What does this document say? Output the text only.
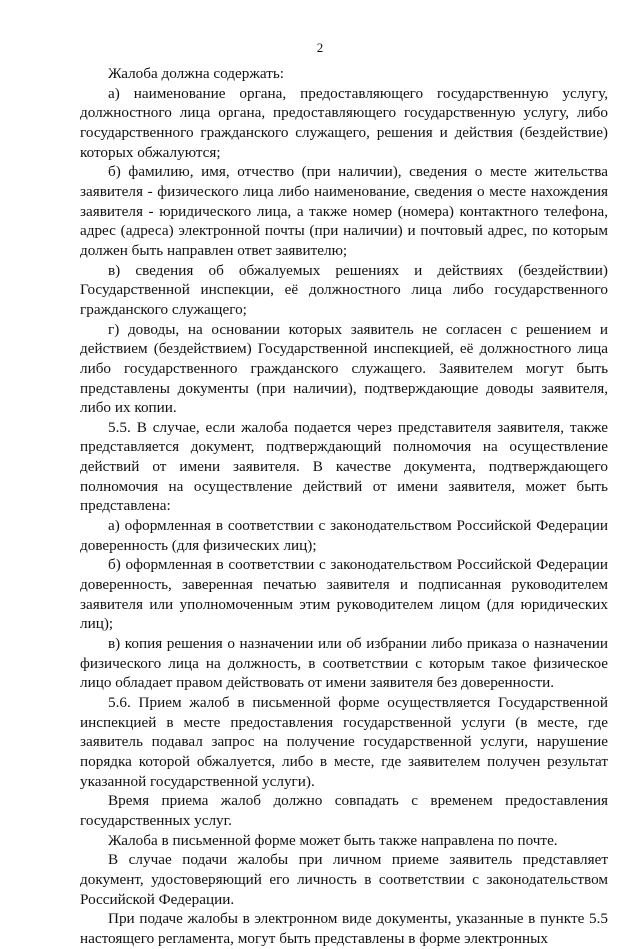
2

Жалоба должна содержать:

а) наименование органа, предоставляющего государственную услугу, должностного лица органа, предоставляющего государственную услугу, либо государственного гражданского служащего, решения и действия (бездействие) которых обжалуются;

б) фамилию, имя, отчество (при наличии), сведения о месте жительства заявителя - физического лица либо наименование, сведения о месте нахождения заявителя - юридического лица, а также номер (номера) контактного телефона, адрес (адреса) электронной почты (при наличии) и почтовый адрес, по которым должен быть направлен ответ заявителю;

в) сведения об обжалуемых решениях и действиях (бездействии) Государственной инспекции, её должностного лица либо государственного гражданского служащего;

г) доводы, на основании которых заявитель не согласен с решением и действием (бездействием) Государственной инспекцией, её должностного лица либо государственного гражданского служащего. Заявителем могут быть представлены документы (при наличии), подтверждающие доводы заявителя, либо их копии.

5.5. В случае, если жалоба подается через представителя заявителя, также представляется документ, подтверждающий полномочия на осуществление действий от имени заявителя. В качестве документа, подтверждающего полномочия на осуществление действий от имени заявителя, может быть представлена:

а) оформленная в соответствии с законодательством Российской Федерации доверенность (для физических лиц);

б) оформленная в соответствии с законодательством Российской Федерации доверенность, заверенная печатью заявителя и подписанная руководителем заявителя или уполномоченным этим руководителем лицом (для юридических лиц);

в) копия решения о назначении или об избрании либо приказа о назначении физического лица на должность, в соответствии с которым такое физическое лицо обладает правом действовать от имени заявителя без доверенности.

5.6. Прием жалоб в письменной форме осуществляется Государственной инспекцией в месте предоставления государственной услуги (в месте, где заявитель подавал запрос на получение государственной услуги, нарушение порядка которой обжалуется, либо в месте, где заявителем получен результат указанной государственной услуги).

Время приема жалоб должно совпадать с временем предоставления государственных услуг.

Жалоба в письменной форме может быть также направлена по почте.

В случае подачи жалобы при личном приеме заявитель представляет документ, удостоверяющий его личность в соответствии с законодательством Российской Федерации.

При подаче жалобы в электронном виде документы, указанные в пункте 5.5 настоящего регламента, могут быть представлены в форме электронных
